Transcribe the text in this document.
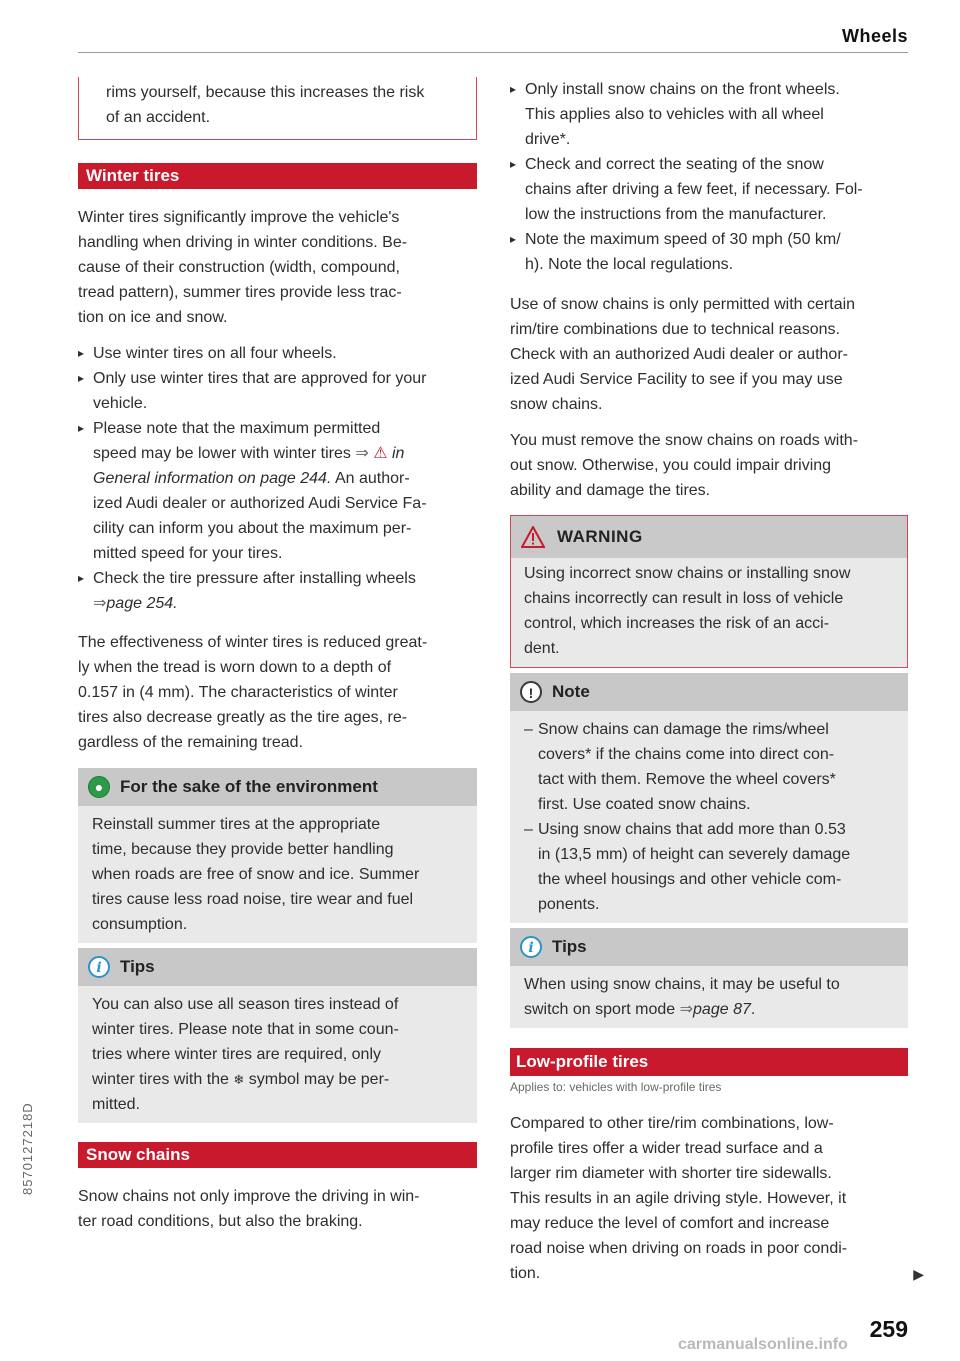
Wheels
rims yourself, because this increases the risk
of an accident.
Winter tires
Winter tires significantly improve the vehicle's
handling when driving in winter conditions. Be-
cause of their construction (width, compound,
tread pattern), summer tires provide less trac-
tion on ice and snow.
▸ Use winter tires on all four wheels.
▸ Only use winter tires that are approved for your
vehicle.
▸ Please note that the maximum permitted
speed may be lower with winter tires ⇒ ⚠ in
General information on page 244. An author-
ized Audi dealer or authorized Audi Service Fa-
cility can inform you about the maximum per-
mitted speed for your tires.
▸ Check the tire pressure after installing wheels
⇒page 254.
The effectiveness of winter tires is reduced great-
ly when the tread is worn down to a depth of
0.157 in (4 mm). The characteristics of winter
tires also decrease greatly as the tire ages, re-
gardless of the remaining tread.
● For the sake of the environment
Reinstall summer tires at the appropriate
time, because they provide better handling
when roads are free of snow and ice. Summer
tires cause less road noise, tire wear and fuel
consumption.
i	Tips
You can also use all season tires instead of
winter tires. Please note that in some coun-
tries where winter tires are required, only
winter tires with the ❄ symbol may be per-
mitted.
Snow chains
Snow chains not only improve the driving in win-
ter road conditions, but also the braking.
▸ Only install snow chains on the front wheels.
This applies also to vehicles with all wheel
drive*.
▸ Check and correct the seating of the snow
chains after driving a few feet, if necessary. Fol-
low the instructions from the manufacturer.
▸ Note the maximum speed of 30 mph (50 km/
h). Note the local regulations.
Use of snow chains is only permitted with certain
rim/tire combinations due to technical reasons.
Check with an authorized Audi dealer or author-
ized Audi Service Facility to see if you may use
snow chains.
You must remove the snow chains on roads with-
out snow. Otherwise, you could impair driving
ability and damage the tires.
WARNING
Using incorrect snow chains or installing snow
chains incorrectly can result in loss of vehicle
control, which increases the risk of an acci-
dent.
!	Note
– Snow chains can damage the rims/wheel
covers* if the chains come into direct con-
tact with them. Remove the wheel covers*
first. Use coated snow chains.
– Using snow chains that add more than 0.53
in (13,5 mm) of height can severely damage
the wheel housings and other vehicle com-
ponents.
i	Tips
When using snow chains, it may be useful to
switch on sport mode ⇒page 87.
Low-profile tires
Applies to: vehicles with low-profile tires
Compared to other tire/rim combinations, low-
profile tires offer a wider tread surface and a
larger rim diameter with shorter tire sidewalls.
This results in an agile driving style. However, it
may reduce the level of comfort and increase
road noise when driving on roads in poor condi-
tion.	▶
259
8570127218D
carmanualsonline.info
